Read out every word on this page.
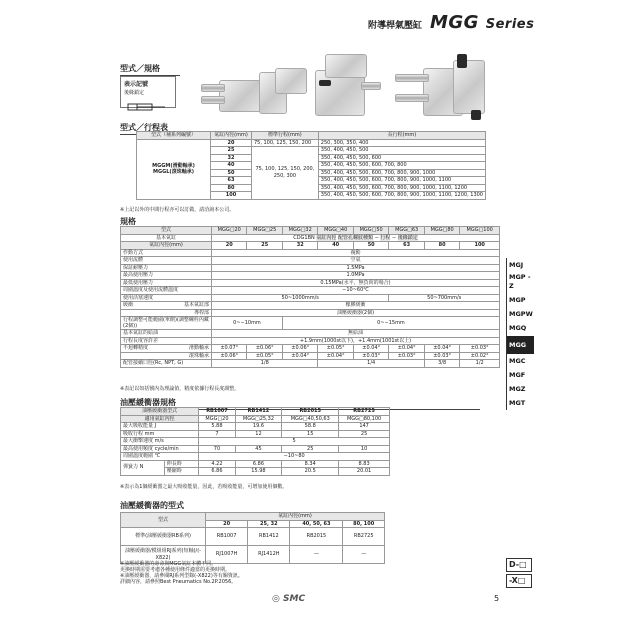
附導桿氣壓缸 MGG Series
型式／規格
表示記號
後緣鎖定
型式／行程表
型式（補系列編號）	氣缸內徑(mm)	標準行程(mm)	長行程(mm)

MGGM(滑動軸承)
MGGL(滾珠軸承)	20	75, 100, 125, 150, 200	250, 300, 350, 400
	25	75, 100, 125, 150, 200, 250, 300	350, 400, 450, 500
	32		350, 400, 450, 500, 600
	40		350, 400, 450, 500, 600, 700, 800
	50		350, 400, 450, 500, 600, 700, 800, 900, 1000
	63		350, 400, 450, 500, 600, 700, 800, 900, 1000, 1100
	80		350, 400, 450, 500, 600, 700, 800, 900, 1000, 1100, 1200
	100		350, 400, 450, 500, 600, 700, 800, 900, 1000, 1100, 1200, 1300
※上記以外的中間行程亦可以訂做，請洽詢本公司。
規格
型式	MGG□20	MGG□25	MGG□32	MGG□40	MGG□50	MGG□63	MGG□80	MGG□100
基本氣缸	CDG1BN 氣缸內徑 配管孔螺紋種類 − 行程 − 後緣鎖定							
氣缸內徑(mm)	20	25	32	40	50	63	80	100
作動方式	複動							
使用流體	空氣							
保証耐壓力	1.5MPa							
最高使用壓力	1.0MPa							
最低使用壓力	0.15MPa(水平，無負荷的場合)							
周圍溫度及使用流體溫度	−10~60℃							
使用活塞速度	50~1000mm/s					50~700mm/s		
緩衝 基本氣缸部	橡膠緩衝							
導桿部	油壓緩衝器(2個)							
行程調整可能範圍(單側)(調整螺栓內藏(2個))	0~−10mm		0~−15mm					
基本氣缸的給油	無給油							
行程長度容許差	+1.9mm(1000st以下)，+1.4mm(1001st以上)							
不迴轉精度 滑動軸承	±0.07°	±0.06°	±0.06°	±0.05°	±0.04°	±0.04°	±0.04°	±0.03°
滾珠軸承	±0.06°	±0.05°	±0.04°	±0.04°	±0.03°	±0.03°	±0.03°	±0.02°
配管接續口徑(Rc, NPT, G)	1/8			1/4			3/8	1/2
※表記以如括號內為理論值，精度依據行程長度調整。
油壓緩衝器規格
油壓緩衝器型式		RB1007	RB1412	RB2015	RB2725
適用氣缸內徑		MGG□20	MGG□25,32	MGG□40,50,63	MGG□80,100
最大吸收能量 J		5.88	19.6	58.8	147
吸收行程 mm		7	12	15	25
最大衝擊速度 m/s		5			
最高使用頻度 cycle/min		70	45	25	10
周圍溫度範圍 ℃		−10~80			
彈簧力 N	伸長時	4.22	6.86	8.34	8.83
	壓縮時	6.86	15.98	20.5	20.01
※表示為1個緩衝器之最大吸收能量，因此，若吸收能量，可增加使用個數。
油壓緩衝器的型式
型式	氣缸內徑(mm)			
	20	25, 32	40, 50, 63	80, 100
標準(油壓緩衝器RB系列)	RB1007	RB1412	RB2015	RB2725
油壓緩衝器/模組組RJ系列(短軸)/(-X822)	RJ1007H	RJ1412H	—	—
※油壓緩衝器的壽命與MGG氣缸本體不同。
更換時期需要考慮各種使用條件適當的更換時期。
※油壓緩衝器，請參閱RJ系列型錄(-X822)等有關資訊。
詳細內容，請參照Best Pneumatics No.2P.2056。
MGJ
MGP -Z
MGP
MGPW
MGQ
MGG
MGC
MGF
MGZ
MGT
D-□
-X□
◎ SMC	5
